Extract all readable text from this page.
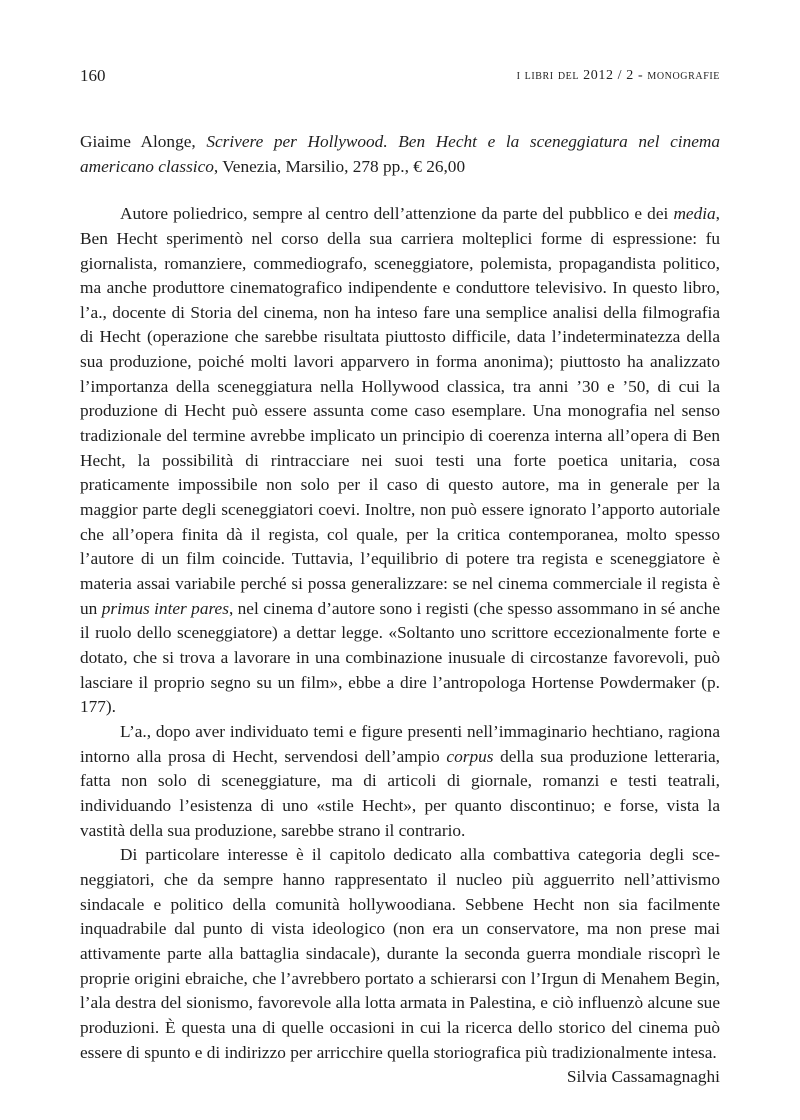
160	i libri del 2012 / 2 - monografie

Giaime Alonge, Scrivere per Hollywood. Ben Hecht e la sceneggiatura nel cinema americano classico, Venezia, Marsilio, 278 pp., € 26,00

Autore poliedrico, sempre al centro dell’attenzione da parte del pubblico e dei media, Ben Hecht sperimentò nel corso della sua carriera molteplici forme di espressione: fu giornalista, romanziere, commediografo, sceneggiatore, polemista, propagandista politico, ma anche produttore cinematografico indipendente e conduttore televisivo. In questo libro, l’a., docente di Storia del cinema, non ha inteso fare una semplice analisi della filmografia di Hecht (operazione che sarebbe risultata piuttosto difficile, data l’indeterminatezza della sua produzione, poiché molti lavori apparvero in forma anonima); piuttosto ha analizzato l’importanza della sceneggiatura nella Hollywood classica, tra anni ’30 e ’50, di cui la produzione di Hecht può essere assunta come caso esemplare. Una monografia nel senso tradizionale del termine avrebbe implicato un principio di coerenza interna all’opera di Ben Hecht, la possibilità di rintracciare nei suoi testi una forte poetica unitaria, cosa praticamente impossibile non solo per il caso di questo autore, ma in generale per la maggior parte degli sceneggiatori coevi. Inoltre, non può essere ignorato l’apporto autoriale che all’opera finita dà il regista, col quale, per la critica contemporanea, molto spesso l’autore di un film coincide. Tuttavia, l’equilibrio di potere tra regista e sceneggiatore è materia assai variabile perché si possa generalizzare: se nel cinema commerciale il regista è un primus inter pares, nel cinema d’autore sono i registi (che spesso assommano in sé anche il ruolo dello sceneggiatore) a dettar legge. «Soltanto uno scrittore eccezionalmente forte e dotato, che si trova a lavorare in una combinazione inusuale di circostanze favorevoli, può lasciare il proprio segno su un film», ebbe a dire l’antropologa Hortense Powdermaker (p. 177).

L’a., dopo aver individuato temi e figure presenti nell’immaginario hechtiano, ragiona intorno alla prosa di Hecht, servendosi dell’ampio corpus della sua produzione letteraria, fatta non solo di sceneggiature, ma di articoli di giornale, romanzi e testi teatrali, individuando l’esistenza di uno «stile Hecht», per quanto discontinuo; e forse, vista la vastità della sua produzione, sarebbe strano il contrario.

Di particolare interesse è il capitolo dedicato alla combattiva categoria degli sceneggiatori, che da sempre hanno rappresentato il nucleo più agguerrito nell’attivismo sindacale e politico della comunità hollywoodiana. Sebbene Hecht non sia facilmente inquadrabile dal punto di vista ideologico (non era un conservatore, ma non prese mai attivamente parte alla battaglia sindacale), durante la seconda guerra mondiale riscoprì le proprie origini ebraiche, che l’avrebbero portato a schierarsi con l’Irgun di Menahem Begin, l’ala destra del sionismo, favorevole alla lotta armata in Palestina, e ciò influenzò alcune sue produzioni. È questa una di quelle occasioni in cui la ricerca dello storico del cinema può essere di spunto e di indirizzo per arricchire quella storiografica più tradizionalmente intesa.

Silvia Cassamagnaghi
